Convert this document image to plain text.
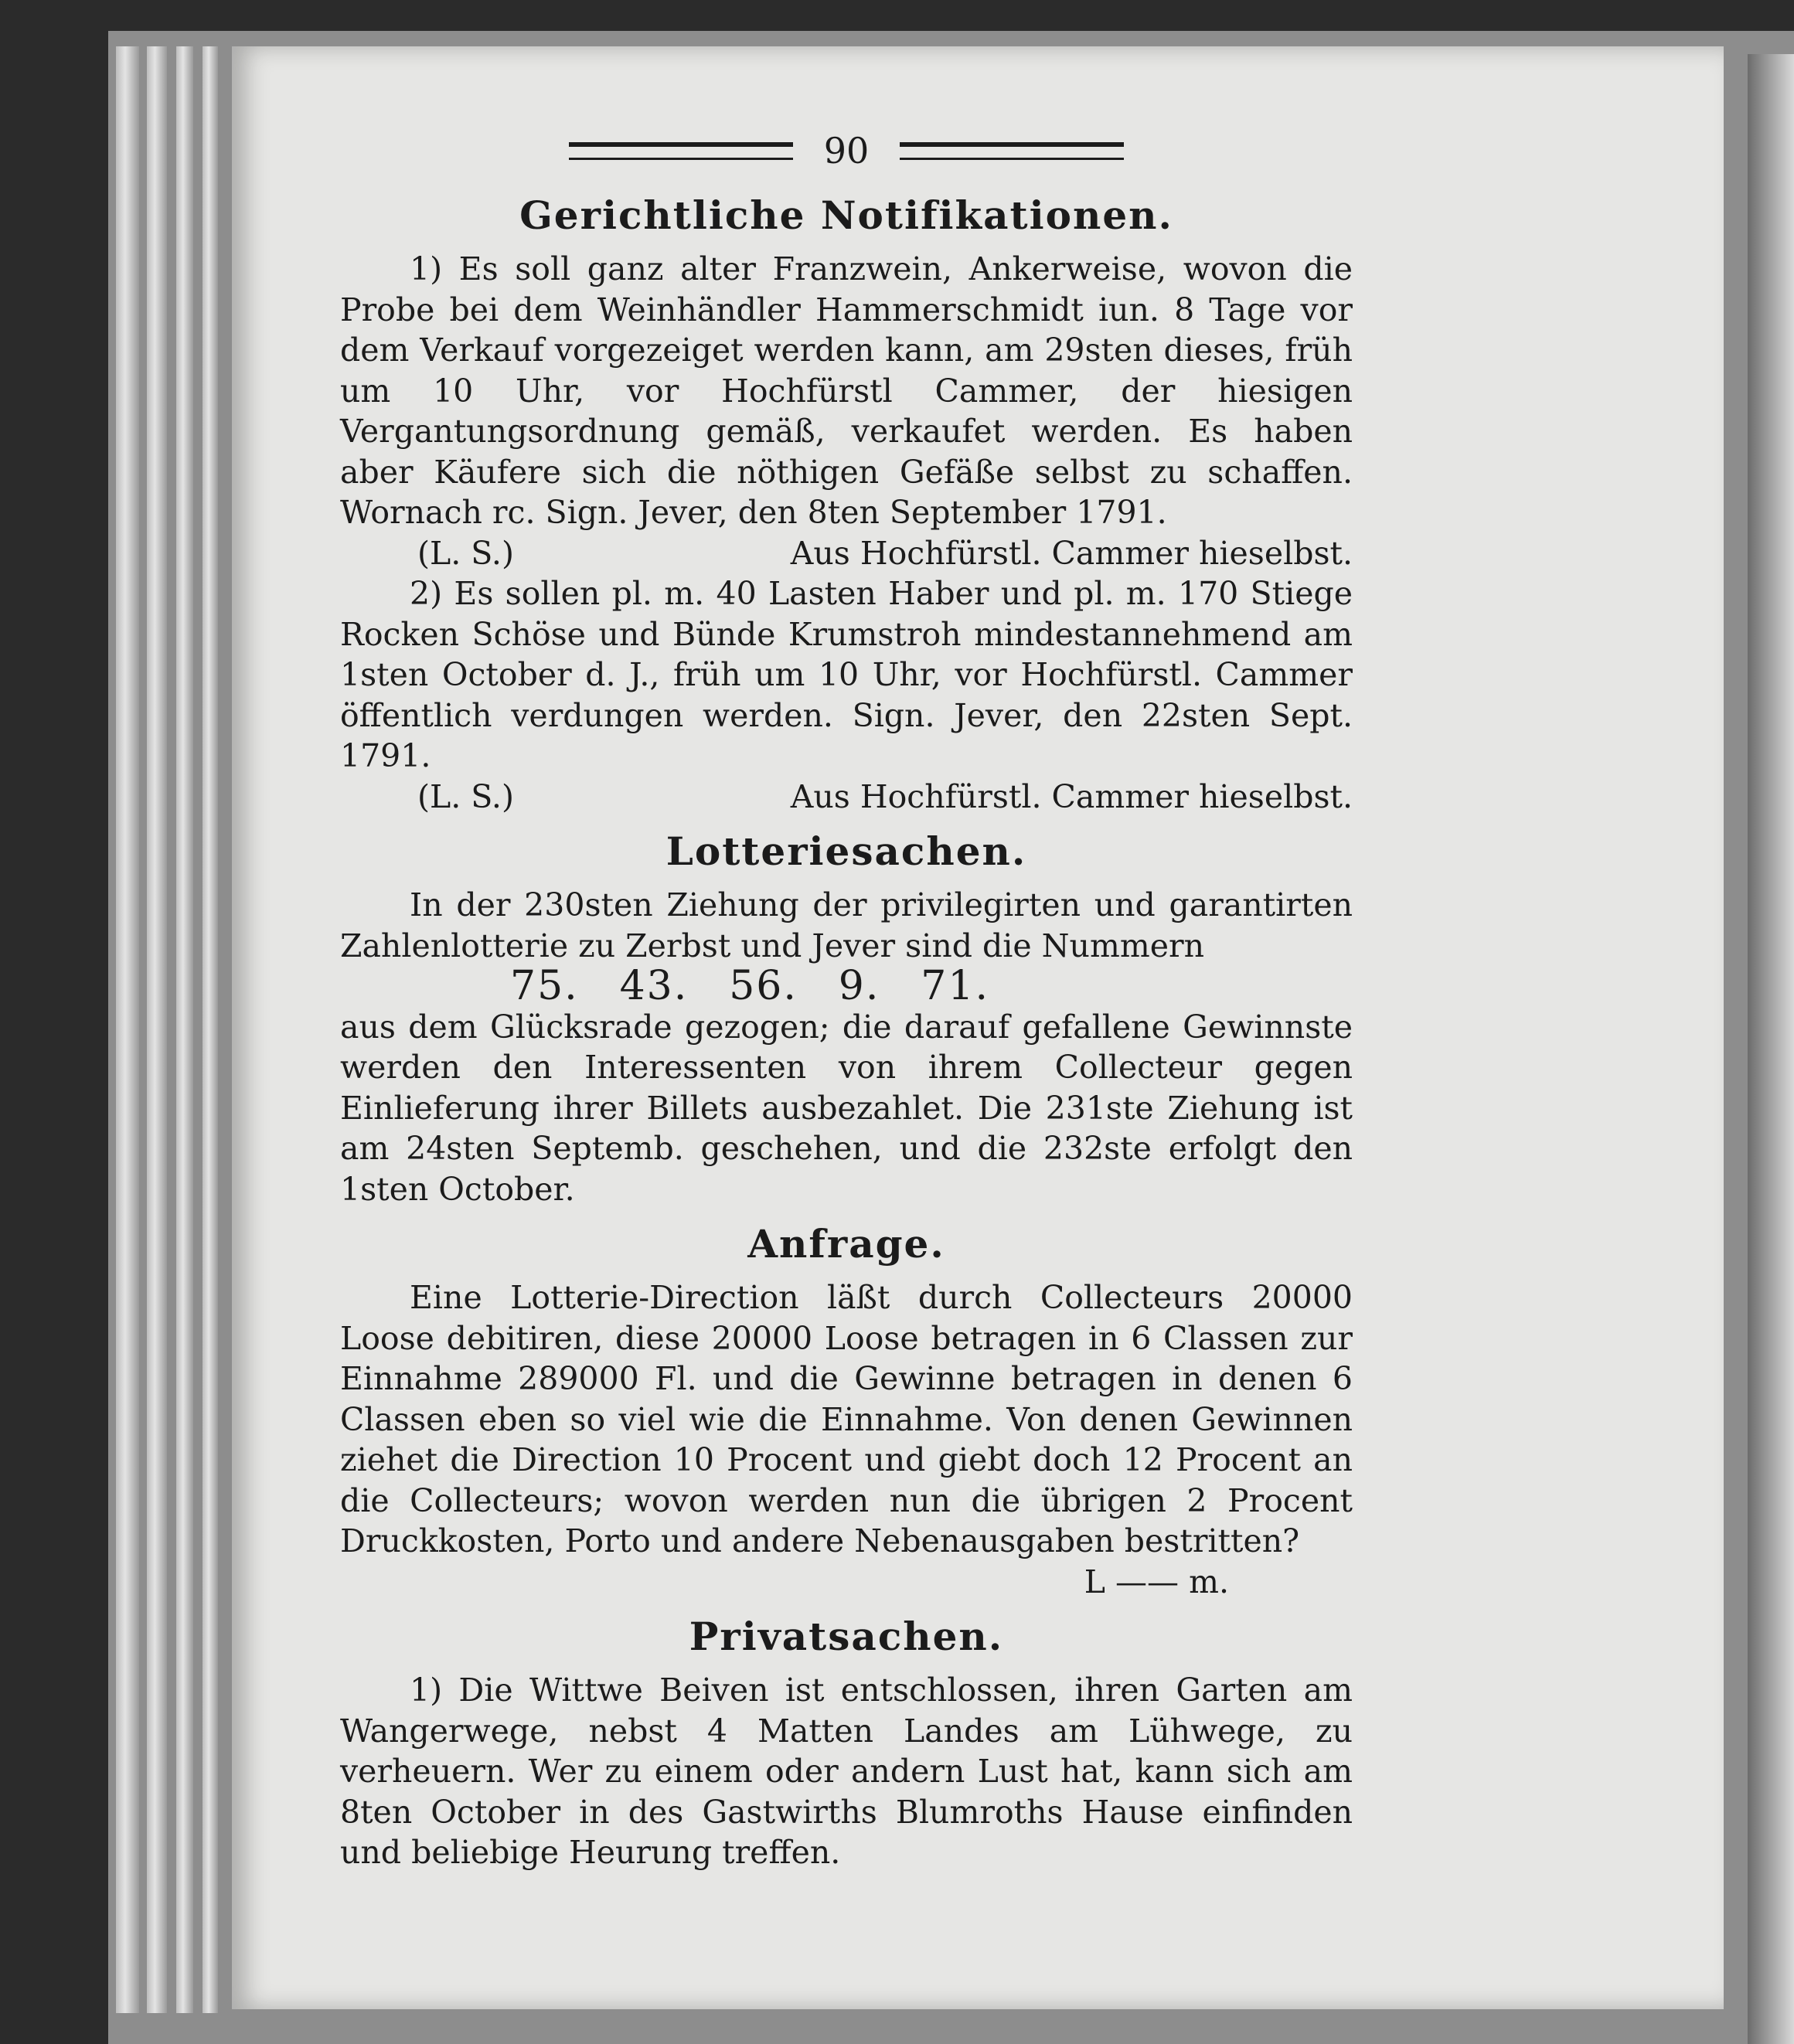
90
Gerichtliche Notifikationen.

1) Es soll ganz alter Franzwein, Ankerweise, wovon die Probe bei dem Weinhändler Hammerschmidt iun. 8 Tage vor dem Verkauf vorgezeiget werden kann, am 29sten dieses, früh um 10 Uhr, vor Hochfürstl Cammer, der hiesigen Vergantungsordnung gemäß, verkaufet werden. Es haben aber Käufere sich die nöthigen Gefäße selbst zu schaffen. Wornach rc. Sign. Jever, den 8ten September 1791.

(L. S.)	Aus Hochfürstl. Cammer hieselbst.

2) Es sollen pl. m. 40 Lasten Haber und pl. m. 170 Stiege Rocken Schöse und Bünde Krumstroh mindestannehmend am 1sten October d. J., früh um 10 Uhr, vor Hochfürstl. Cammer öffentlich verdungen werden. Sign. Jever, den 22sten Sept. 1791.

(L. S.)	Aus Hochfürstl. Cammer hieselbst.
Lotteriesachen.

In der 230sten Ziehung der privilegirten und garantirten Zahlenlotterie zu Zerbst und Jever sind die Nummern

75. 43. 56. 9. 71.

aus dem Glücksrade gezogen; die darauf gefallene Gewinnste werden den Interessenten von ihrem Collecteur gegen Einlieferung ihrer Billets ausbezahlet. Die 231ste Ziehung ist am 24sten Septemb. geschehen, und die 232ste erfolgt den 1sten October.

Anfrage.

Eine Lotterie-Direction läßt durch Collecteurs 20000 Loose debitiren, diese 20000 Loose betragen in 6 Classen zur Einnahme 289000 Fl. und die Gewinne betragen in denen 6 Classen eben so viel wie die Einnahme. Von denen Gewinnen ziehet die Direction 10 Procent und giebt doch 12 Procent an die Collecteurs; wovon werden nun die übrigen 2 Procent Druckkosten, Porto und andere Nebenausgaben bestritten?

L —— m.

Privatsachen.

1) Die Wittwe Beiven ist entschlossen, ihren Garten am Wangerwege, nebst 4 Matten Landes am Lühwege, zu verheuern. Wer zu einem oder andern Lust hat, kann sich am 8ten October in des Gastwirths Blumroths Hause einfinden und beliebige Heurung treffen.
